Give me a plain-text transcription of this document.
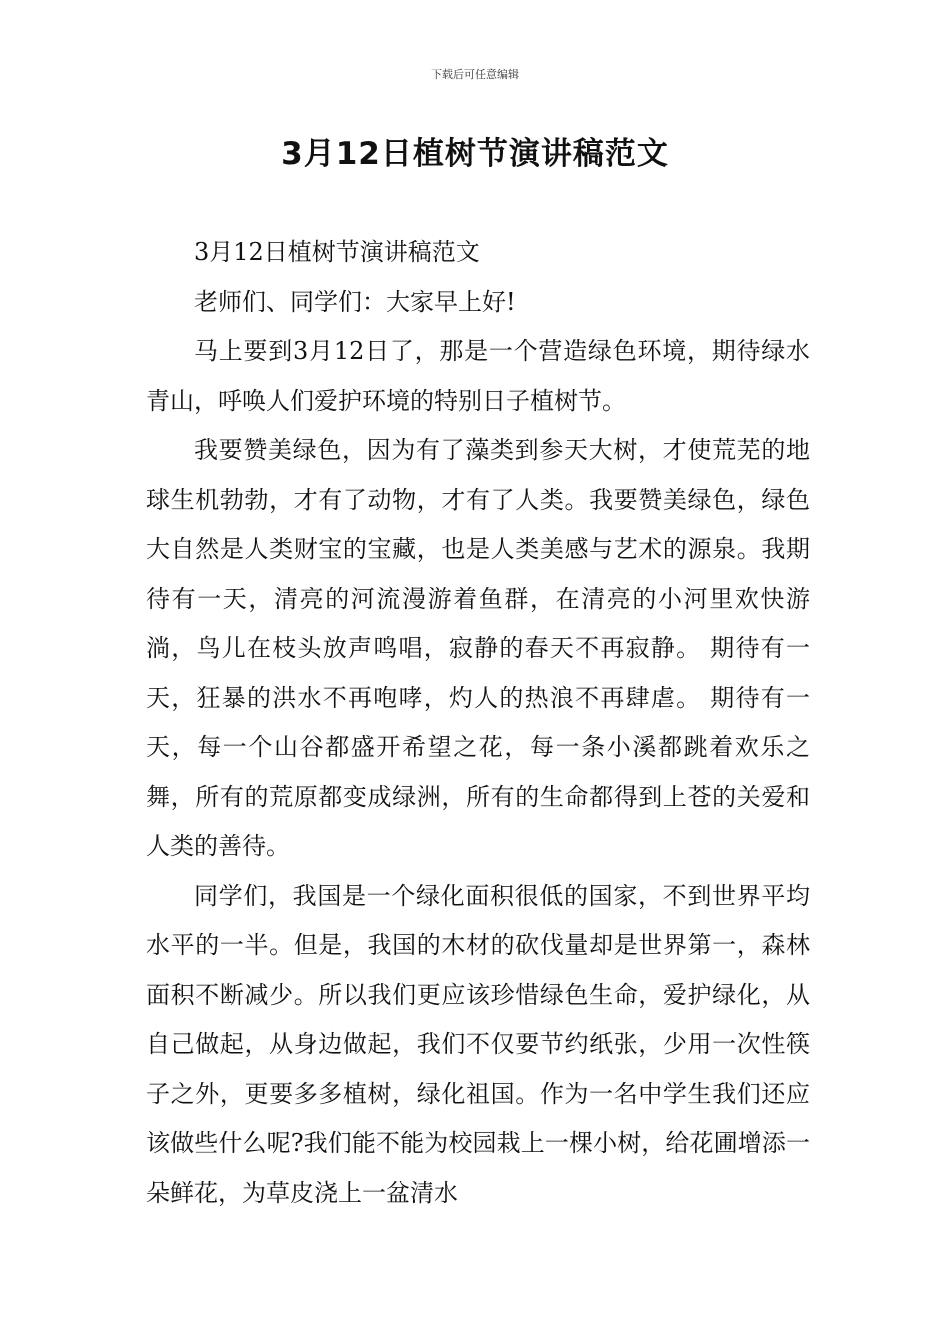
下载后可任意编辑
3月12日植树节演讲稿范文

3月12日植树节演讲稿范文

老师们、同学们：大家早上好!

马上要到3月12日了，那是一个营造绿色环境，期待绿水青山，呼唤人们爱护环境的特别日子植树节。

我要赞美绿色，因为有了藻类到参天大树，才使荒芜的地球生机勃勃，才有了动物，才有了人类。我要赞美绿色，绿色大自然是人类财宝的宝藏，也是人类美感与艺术的源泉。我期待有一天，清亮的河流漫游着鱼群，在清亮的小河里欢快游淌，鸟儿在枝头放声鸣唱，寂静的春天不再寂静。 期待有一天，狂暴的洪水不再咆哮，灼人的热浪不再肆虐。 期待有一天，每一个山谷都盛开希望之花，每一条小溪都跳着欢乐之舞，所有的荒原都变成绿洲，所有的生命都得到上苍的关爱和人类的善待。

同学们，我国是一个绿化面积很低的国家，不到世界平均水平的一半。但是，我国的木材的砍伐量却是世界第一，森林面积不断减少。所以我们更应该珍惜绿色生命，爱护绿化，从自己做起，从身边做起，我们不仅要节约纸张，少用一次性筷子之外，更要多多植树，绿化祖国。作为一名中学生我们还应该做些什么呢?我们能不能为校园栽上一棵小树，给花圃增添一朵鲜花，为草皮浇上一盆清水
